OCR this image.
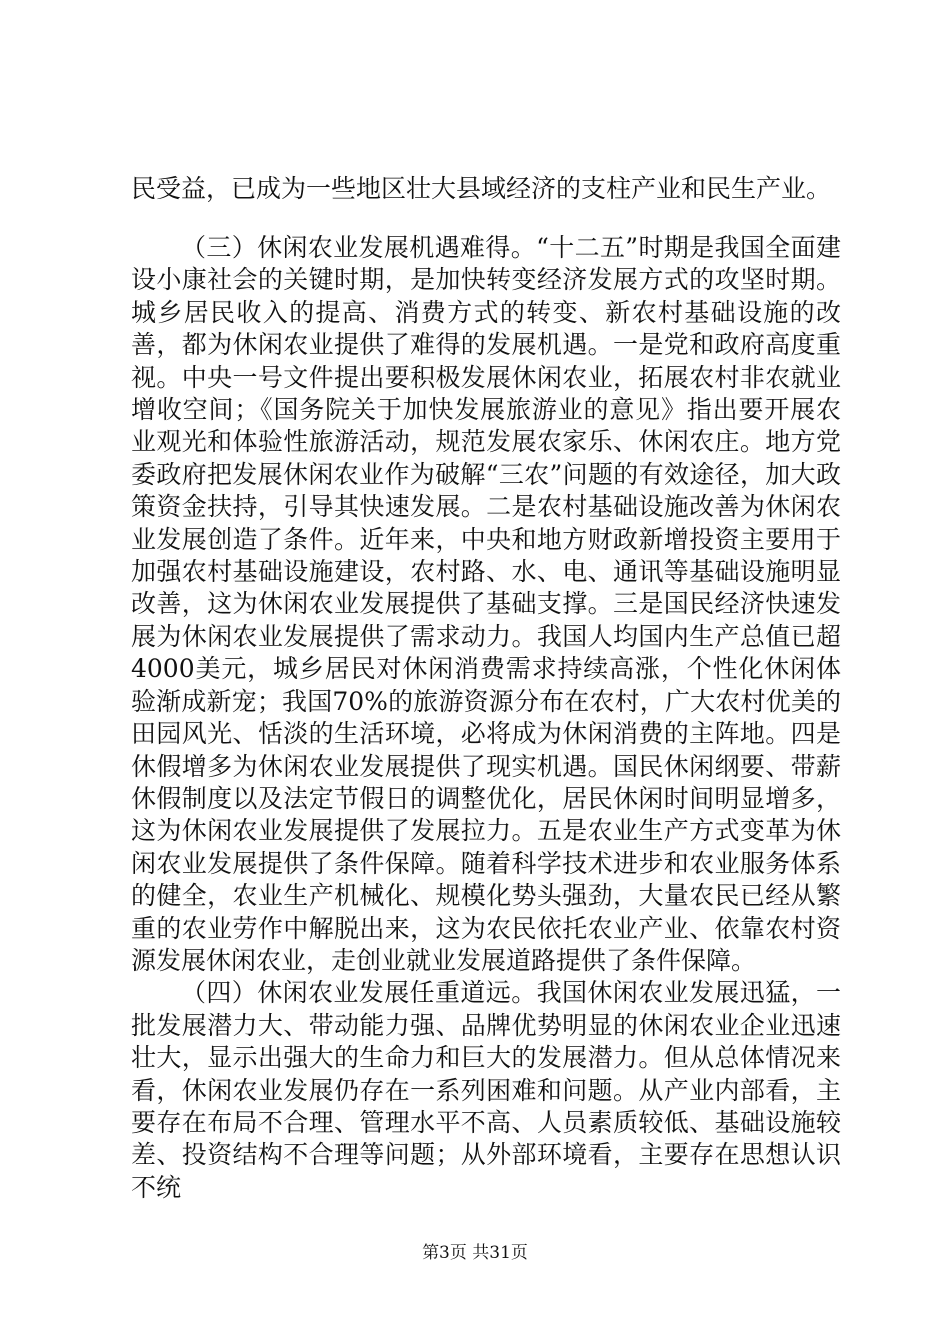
民受益，已成为一些地区壮大县域经济的支柱产业和民生产业。

（三）休闲农业发展机遇难得。“十二五”时期是我国全面建设小康社会的关键时期，是加快转变经济发展方式的攻坚时期。城乡居民收入的提高、消费方式的转变、新农村基础设施的改善，都为休闲农业提供了难得的发展机遇。一是党和政府高度重视。中央一号文件提出要积极发展休闲农业，拓展农村非农就业增收空间；《国务院关于加快发展旅游业的意见》指出要开展农业观光和体验性旅游活动，规范发展农家乐、休闲农庄。地方党委政府把发展休闲农业作为破解“三农”问题的有效途径，加大政策资金扶持，引导其快速发展。二是农村基础设施改善为休闲农业发展创造了条件。近年来，中央和地方财政新增投资主要用于加强农村基础设施建设，农村路、水、电、通讯等基础设施明显改善，这为休闲农业发展提供了基础支撑。三是国民经济快速发展为休闲农业发展提供了需求动力。我国人均国内生产总值已超4000美元，城乡居民对休闲消费需求持续高涨，个性化休闲体验渐成新宠；我国70%的旅游资源分布在农村，广大农村优美的田园风光、恬淡的生活环境，必将成为休闲消费的主阵地。四是休假增多为休闲农业发展提供了现实机遇。国民休闲纲要、带薪休假制度以及法定节假日的调整优化，居民休闲时间明显增多，这为休闲农业发展提供了发展拉力。五是农业生产方式变革为休闲农业发展提供了条件保障。随着科学技术进步和农业服务体系的健全，农业生产机械化、规模化势头强劲，大量农民已经从繁重的农业劳作中解脱出来，这为农民依托农业产业、依靠农村资源发展休闲农业，走创业就业发展道路提供了条件保障。

（四）休闲农业发展任重道远。我国休闲农业发展迅猛，一批发展潜力大、带动能力强、品牌优势明显的休闲农业企业迅速壮大，显示出强大的生命力和巨大的发展潜力。但从总体情况来看，休闲农业发展仍存在一系列困难和问题。从产业内部看，主要存在布局不合理、管理水平不高、人员素质较低、基础设施较差、投资结构不合理等问题；从外部环境看，主要存在思想认识不统

第3页 共31页
